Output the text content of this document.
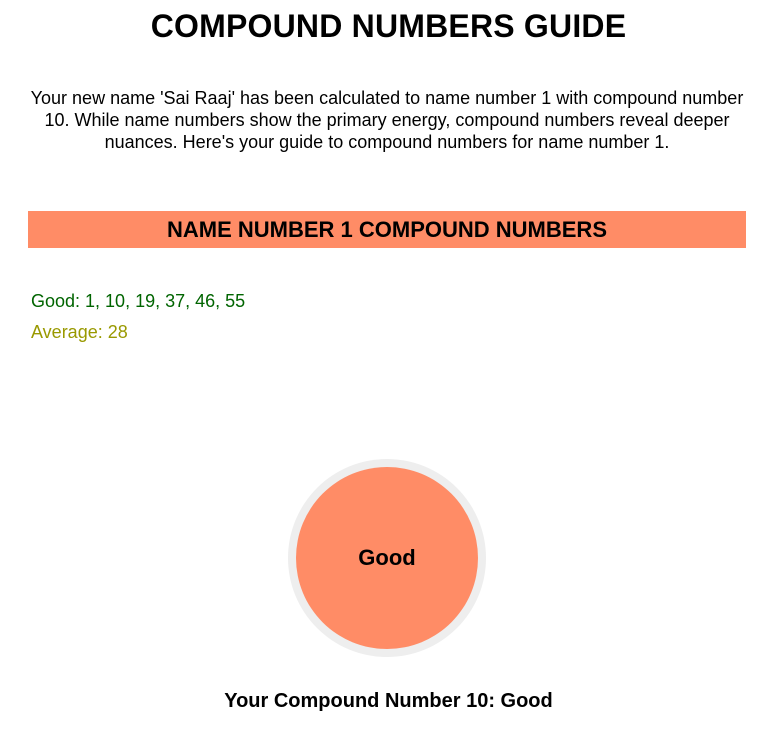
COMPOUND NUMBERS GUIDE

Your new name 'Sai Raaj' has been calculated to name number 1 with compound number 10. While name numbers show the primary energy, compound numbers reveal deeper nuances. Here's your guide to compound numbers for name number 1.

NAME NUMBER 1 COMPOUND NUMBERS
Good: 1, 10, 19, 37, 46, 55
Average: 28
Good
Your Compound Number 10: Good
